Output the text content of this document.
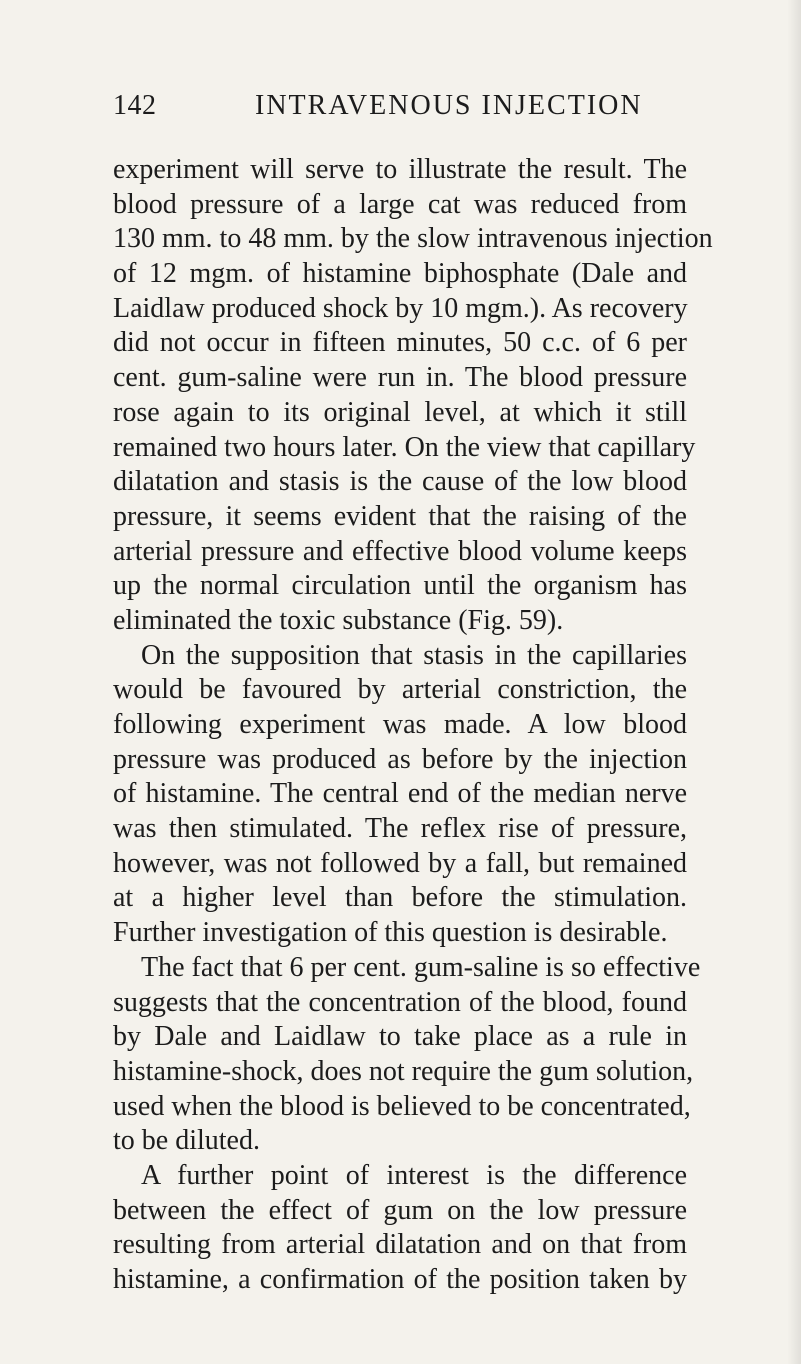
142	INTRAVENOUS INJECTION
experiment will serve to illustrate the result. The
blood pressure of a large cat was reduced from
130 mm. to 48 mm. by the slow intravenous injection
of 12 mgm. of histamine biphosphate (Dale and
Laidlaw produced shock by 10 mgm.). As recovery
did not occur in fifteen minutes, 50 c.c. of 6 per
cent. gum-saline were run in. The blood pressure
rose again to its original level, at which it still
remained two hours later. On the view that capillary
dilatation and stasis is the cause of the low blood
pressure, it seems evident that the raising of the
arterial pressure and effective blood volume keeps
up the normal circulation until the organism has
eliminated the toxic substance (Fig. 59).
On the supposition that stasis in the capillaries
would be favoured by arterial constriction, the
following experiment was made. A low blood
pressure was produced as before by the injection
of histamine. The central end of the median nerve
was then stimulated. The reflex rise of pressure,
however, was not followed by a fall, but remained
at a higher level than before the stimulation.
Further investigation of this question is desirable.
The fact that 6 per cent. gum-saline is so effective
suggests that the concentration of the blood, found
by Dale and Laidlaw to take place as a rule in
histamine-shock, does not require the gum solution,
used when the blood is believed to be concentrated,
to be diluted.
A further point of interest is the difference
between the effect of gum on the low pressure
resulting from arterial dilatation and on that from
histamine, a confirmation of the position taken by
